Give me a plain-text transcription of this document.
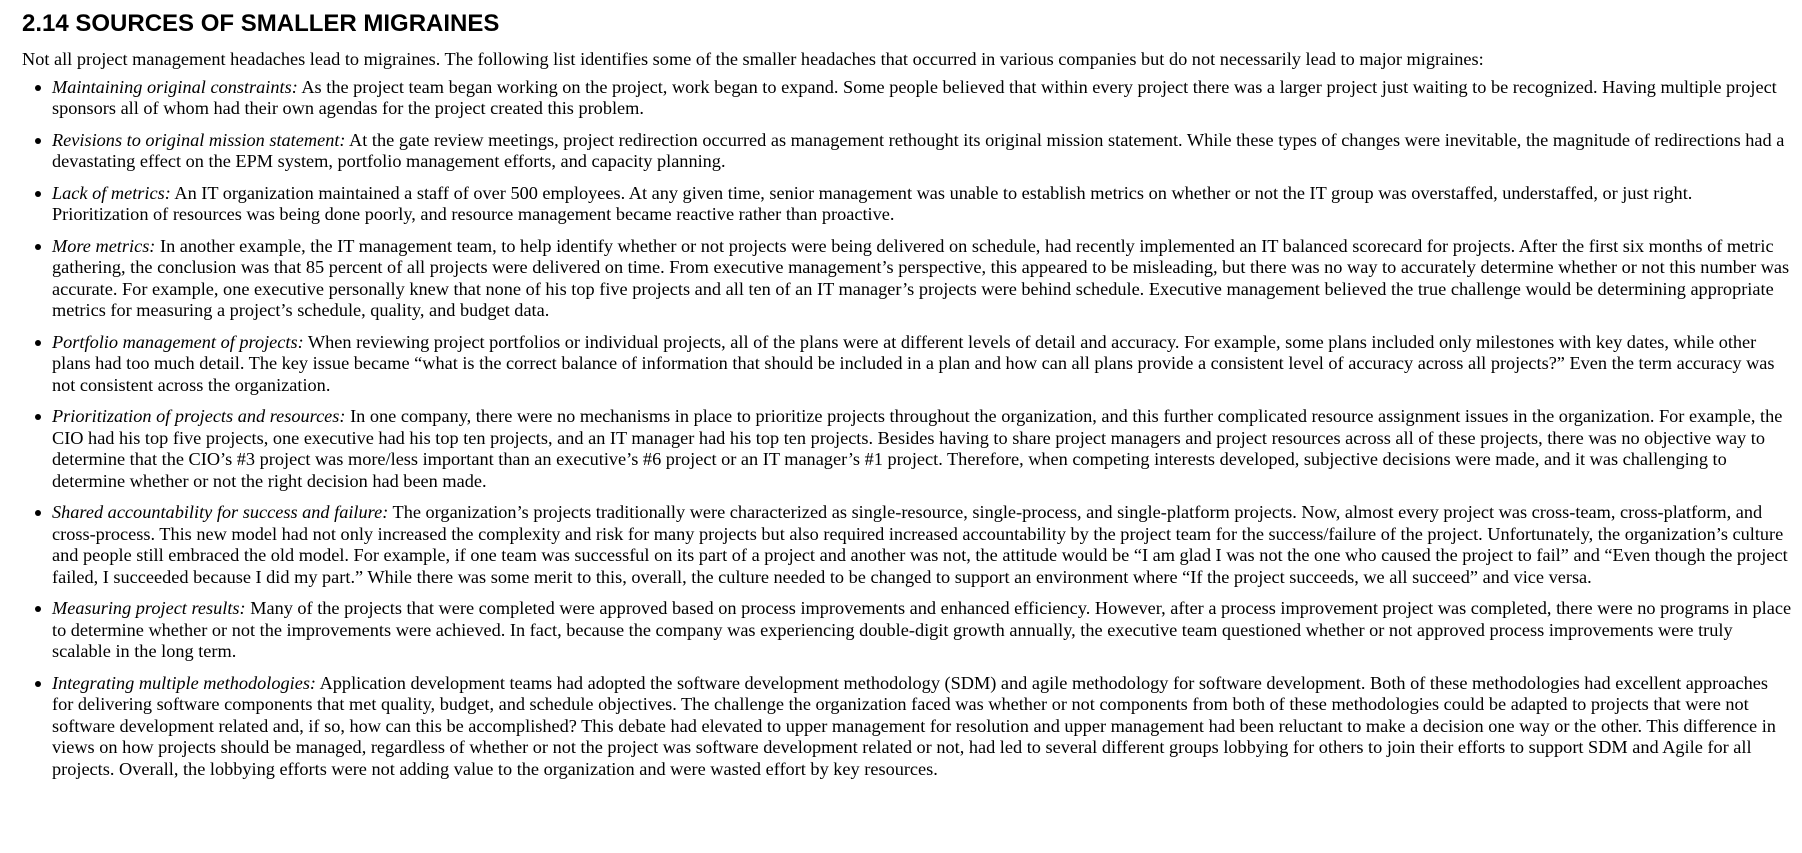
2.14 SOURCES OF SMALLER MIGRAINES

Not all project management headaches lead to migraines. The following list identifies some of the smaller headaches that occurred in various companies but do not necessarily lead to major migraines:

Maintaining original constraints: As the project team began working on the project, work began to expand. Some people believed that within every project there was a larger project just waiting to be recognized. Having multiple project sponsors all of whom had their own agendas for the project created this problem.
Revisions to original mission statement: At the gate review meetings, project redirection occurred as management rethought its original mission statement. While these types of changes were inevitable, the magnitude of redirections had a devastating effect on the EPM system, portfolio management efforts, and capacity planning.
Lack of metrics: An IT organization maintained a staff of over 500 employees. At any given time, senior management was unable to establish metrics on whether or not the IT group was overstaffed, understaffed, or just right. Prioritization of resources was being done poorly, and resource management became reactive rather than proactive.
More metrics: In another example, the IT management team, to help identify whether or not projects were being delivered on schedule, had recently implemented an IT balanced scorecard for projects. After the first six months of metric gathering, the conclusion was that 85 percent of all projects were delivered on time. From executive management’s perspective, this appeared to be misleading, but there was no way to accurately determine whether or not this number was accurate. For example, one executive personally knew that none of his top five projects and all ten of an IT manager’s projects were behind schedule. Executive management believed the true challenge would be determining appropriate metrics for measuring a project’s schedule, quality, and budget data.
Portfolio management of projects: When reviewing project portfolios or individual projects, all of the plans were at different levels of detail and accuracy. For example, some plans included only milestones with key dates, while other plans had too much detail. The key issue became “what is the correct balance of information that should be included in a plan and how can all plans provide a consistent level of accuracy across all projects?” Even the term accuracy was not consistent across the organization.
Prioritization of projects and resources: In one company, there were no mechanisms in place to prioritize projects throughout the organization, and this further complicated resource assignment issues in the organization. For example, the CIO had his top five projects, one executive had his top ten projects, and an IT manager had his top ten projects. Besides having to share project managers and project resources across all of these projects, there was no objective way to determine that the CIO’s #3 project was more/less important than an executive’s #6 project or an IT manager’s #1 project. Therefore, when competing interests developed, subjective decisions were made, and it was challenging to determine whether or not the right decision had been made.
Shared accountability for success and failure: The organization’s projects traditionally were characterized as single-resource, single-process, and single-platform projects. Now, almost every project was cross-team, cross-platform, and cross-process. This new model had not only increased the complexity and risk for many projects but also required increased accountability by the project team for the success/failure of the project. Unfortunately, the organization’s culture and people still embraced the old model. For example, if one team was successful on its part of a project and another was not, the attitude would be “I am glad I was not the one who caused the project to fail” and “Even though the project failed, I succeeded because I did my part.” While there was some merit to this, overall, the culture needed to be changed to support an environment where “If the project succeeds, we all succeed” and vice versa.
Measuring project results: Many of the projects that were completed were approved based on process improvements and enhanced efficiency. However, after a process improvement project was completed, there were no programs in place to determine whether or not the improvements were achieved. In fact, because the company was experiencing double-digit growth annually, the executive team questioned whether or not approved process improvements were truly scalable in the long term.
Integrating multiple methodologies: Application development teams had adopted the software development methodology (SDM) and agile methodology for software development. Both of these methodologies had excellent approaches for delivering software components that met quality, budget, and schedule objectives. The challenge the organization faced was whether or not components from both of these methodologies could be adapted to projects that were not software development related and, if so, how can this be accomplished? This debate had elevated to upper management for resolution and upper management had been reluctant to make a decision one way or the other. This difference in views on how projects should be managed, regardless of whether or not the project was software development related or not, had led to several different groups lobbying for others to join their efforts to support SDM and Agile for all projects. Overall, the lobbying efforts were not adding value to the organization and were wasted effort by key resources.
